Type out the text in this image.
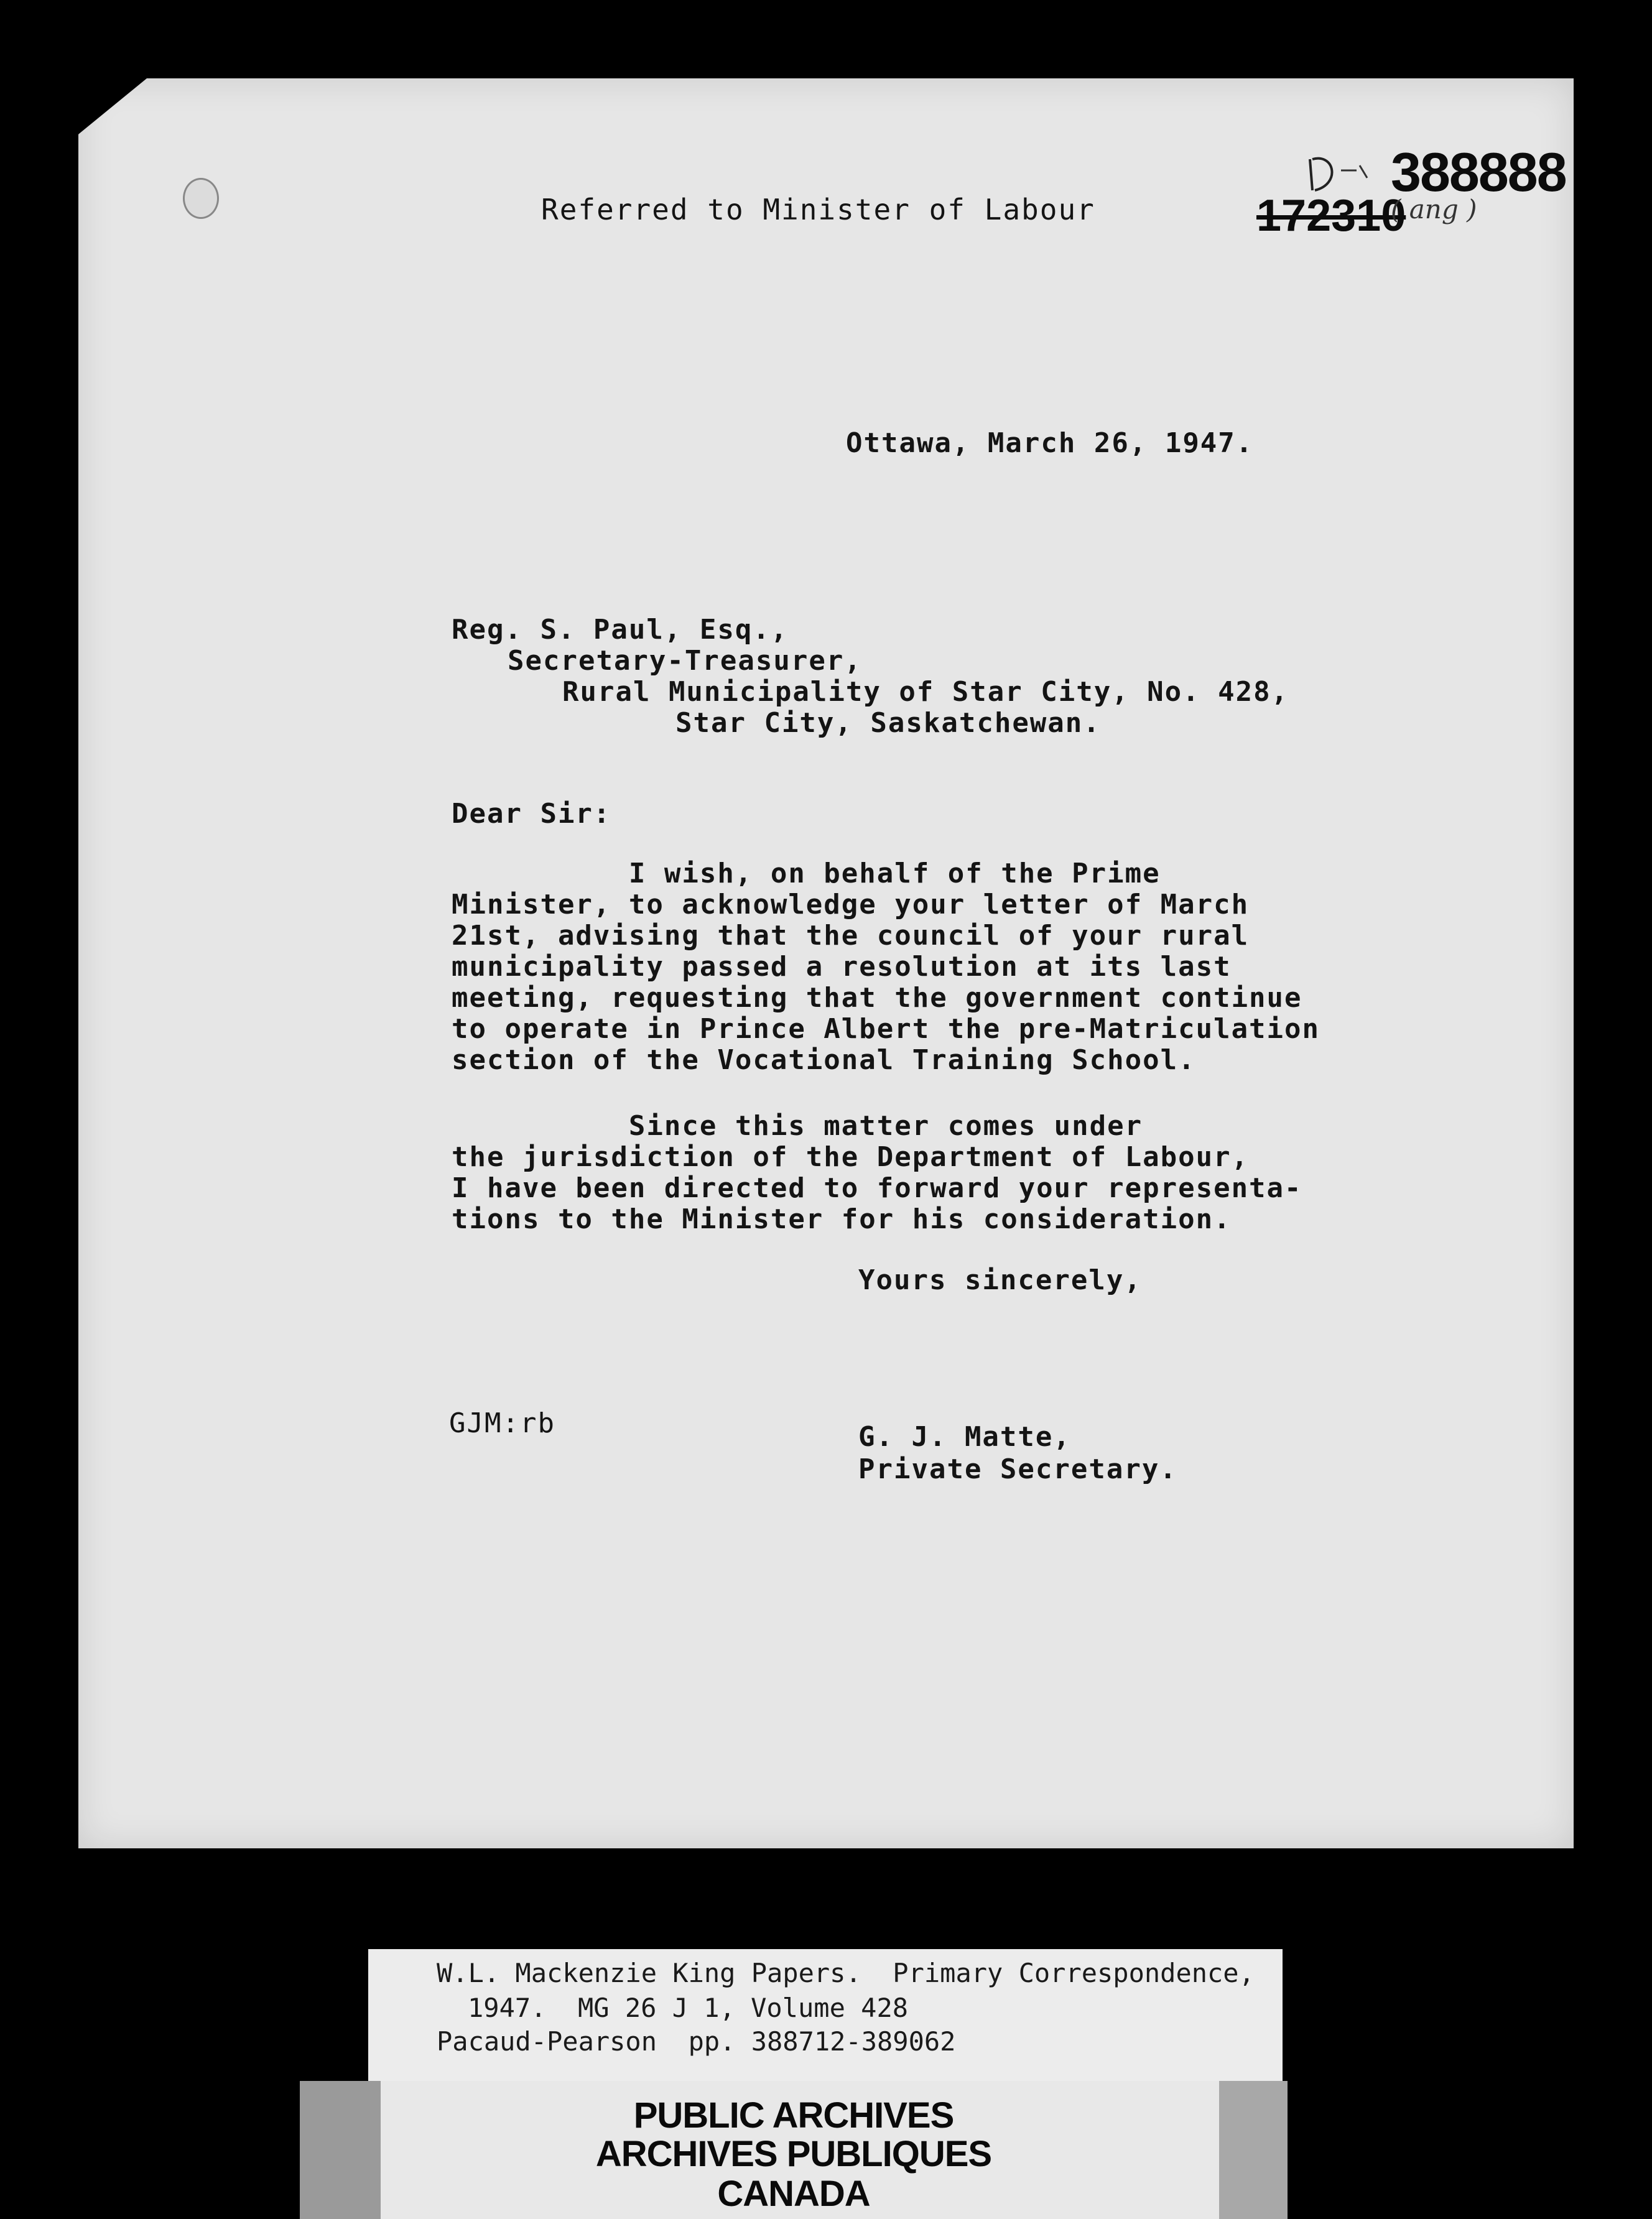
Referred to Minister of Labour
388888
172310
( ang )
Ottawa, March 26, 1947.
Reg. S. Paul, Esq.,
Secretary-Treasurer,
Rural Municipality of Star City, No. 428,
Star City, Saskatchewan.
Dear Sir:
I wish, on behalf of the Prime
Minister, to acknowledge your letter of March
21st, advising that the council of your rural
municipality passed a resolution at its last
meeting, requesting that the government continue
to operate in Prince Albert the pre-Matriculation
section of the Vocational Training School.
Since this matter comes under
the jurisdiction of the Department of Labour,
I have been directed to forward your representa-
tions to the Minister for his consideration.
Yours sincerely,
GJM:rb	G. J. Matte,
Private Secretary.
W.L. Mackenzie King Papers.  Primary Correspondence,
1947.  MG 26 J 1, Volume 428
Pacaud-Pearson  pp. 388712-389062
PUBLIC ARCHIVES
ARCHIVES PUBLIQUES
CANADA
